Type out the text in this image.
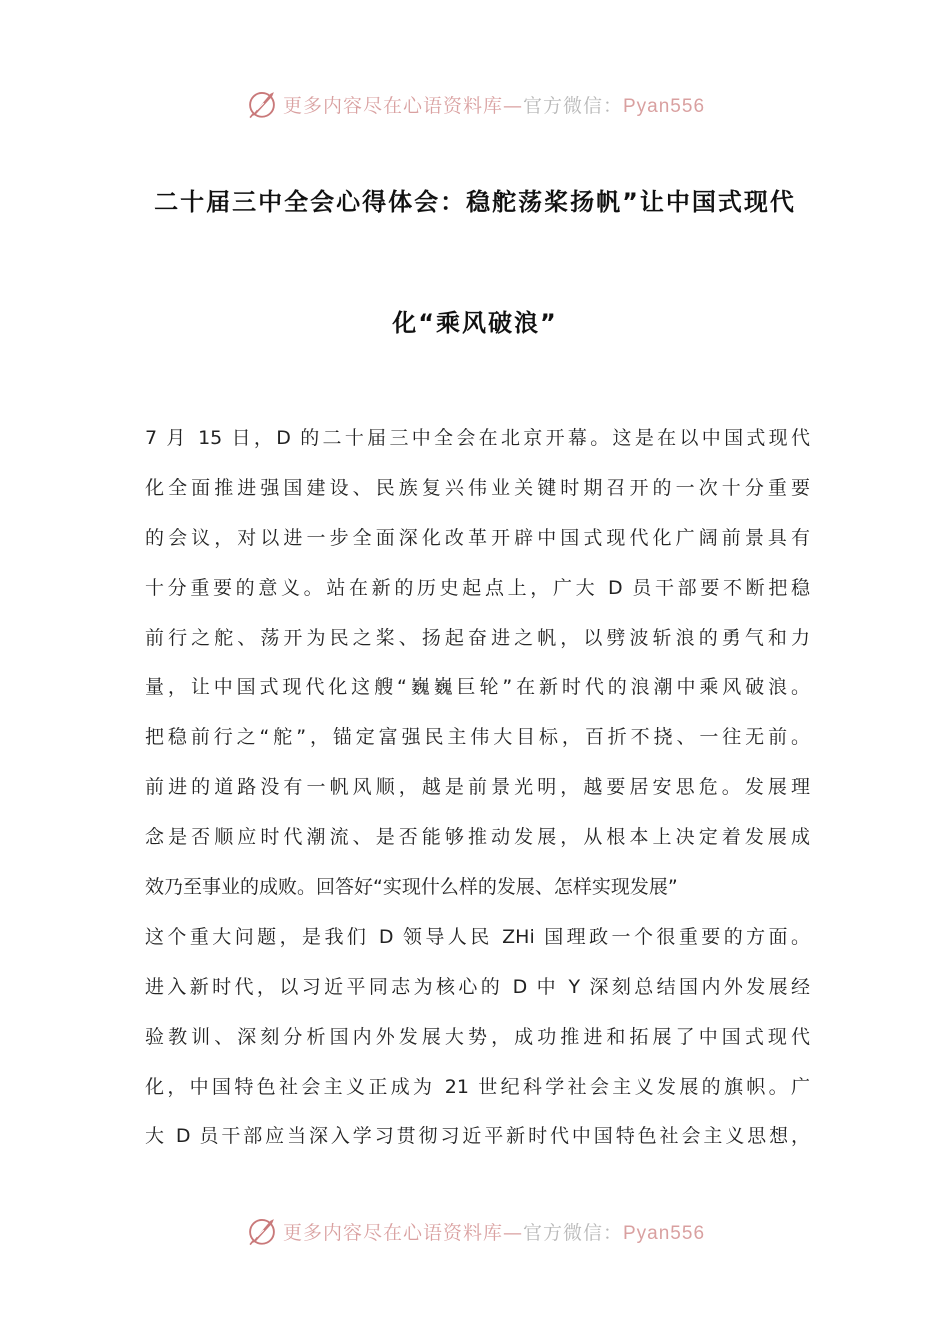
更多内容尽在心语资料库—官方微信：Pyan556
二十届三中全会心得体会：稳舵荡桨扬帆”让中国式现代
化“乘风破浪”
7 月 15 日，D 的二十届三中全会在北京开幕。这是在以中国式现代
化全面推进强国建设、民族复兴伟业关键时期召开的一次十分重要
的会议，对以进一步全面深化改革开辟中国式现代化广阔前景具有
十分重要的意义。站在新的历史起点上，广大 D 员干部要不断把稳
前行之舵、荡开为民之桨、扬起奋进之帆，以劈波斩浪的勇气和力
量，让中国式现代化这艘“巍巍巨轮”在新时代的浪潮中乘风破浪。
把稳前行之“舵”，锚定富强民主伟大目标，百折不挠、一往无前。
前进的道路没有一帆风顺，越是前景光明，越要居安思危。发展理
念是否顺应时代潮流、是否能够推动发展，从根本上决定着发展成
效乃至事业的成败。回答好“实现什么样的发展、怎样实现发展”
这个重大问题，是我们 D 领导人民 ZHi 国理政一个很重要的方面。
进入新时代，以习近平同志为核心的 D 中 Y 深刻总结国内外发展经
验教训、深刻分析国内外发展大势，成功推进和拓展了中国式现代
化，中国特色社会主义正成为 21 世纪科学社会主义发展的旗帜。广
大 D 员干部应当深入学习贯彻习近平新时代中国特色社会主义思想，
更多内容尽在心语资料库—官方微信：Pyan556
